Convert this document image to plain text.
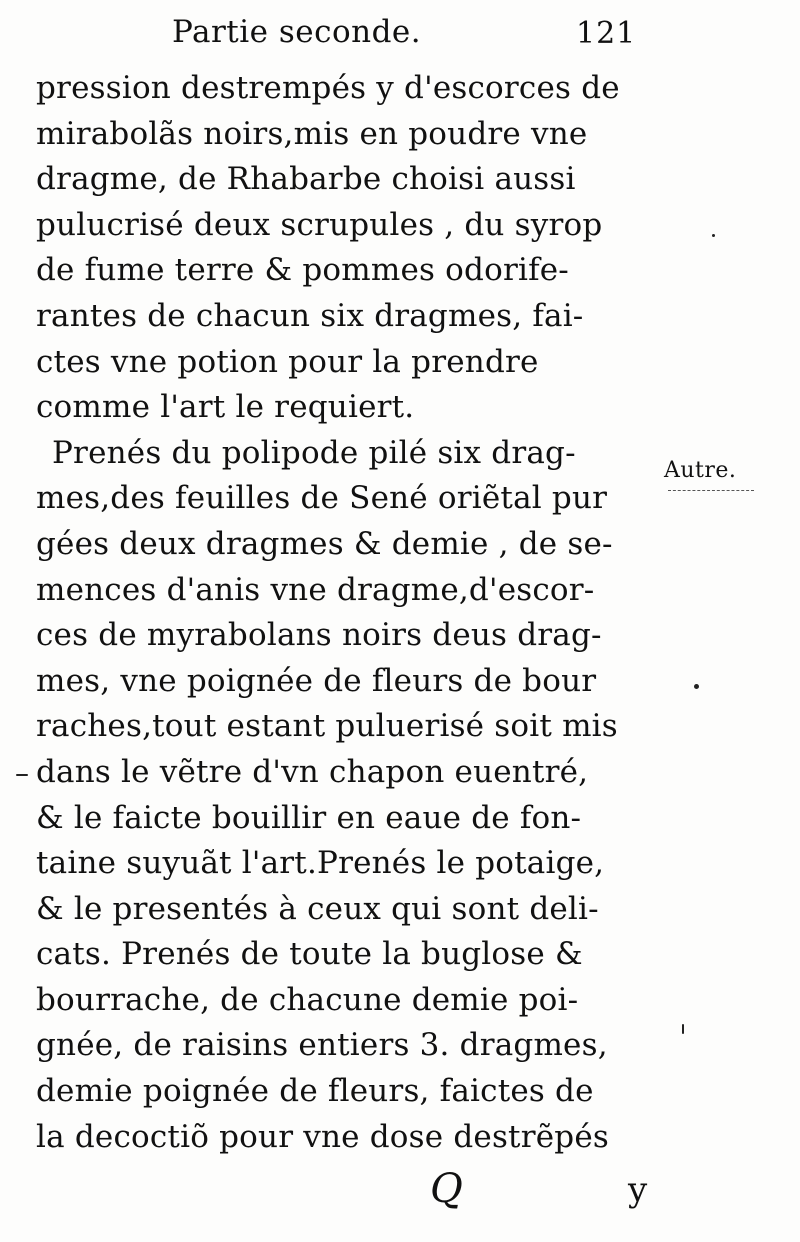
Partie seconde.	121
pression destrempés y d'escorces de
mirabolãs noirs,mis en poudre vne
dragme, de Rhabarbe choisi aussi
pulucrisé deux scrupules , du syrop
de fume terre & pommes odorife-
rantes de chacun six dragmes, fai-
ctes vne potion pour la prendre
comme l'art le requiert.
Prenés du polipode pilé six drag-
mes,des feuilles de Sené oriẽtal pur
gées deux dragmes & demie , de se-
mences d'anis vne dragme,d'escor-
ces de myrabolans noirs deus drag-
mes, vne poignée de fleurs de bour
raches,tout estant puluerisé soit mis
dans le vẽtre d'vn chapon euentré,
& le faicte bouillir en eaue de fon-
taine suyuãt l'art.Prenés le potaige,
& le presentés à ceux qui sont deli-
cats. Prenés de toute la buglose &
bourrache, de chacune demie poi-
gnée, de raisins entiers 3. dragmes,
demie poignée de fleurs, faictes de
la decoctiõ pour vne dose destrẽpés
Autre.
Q	y
